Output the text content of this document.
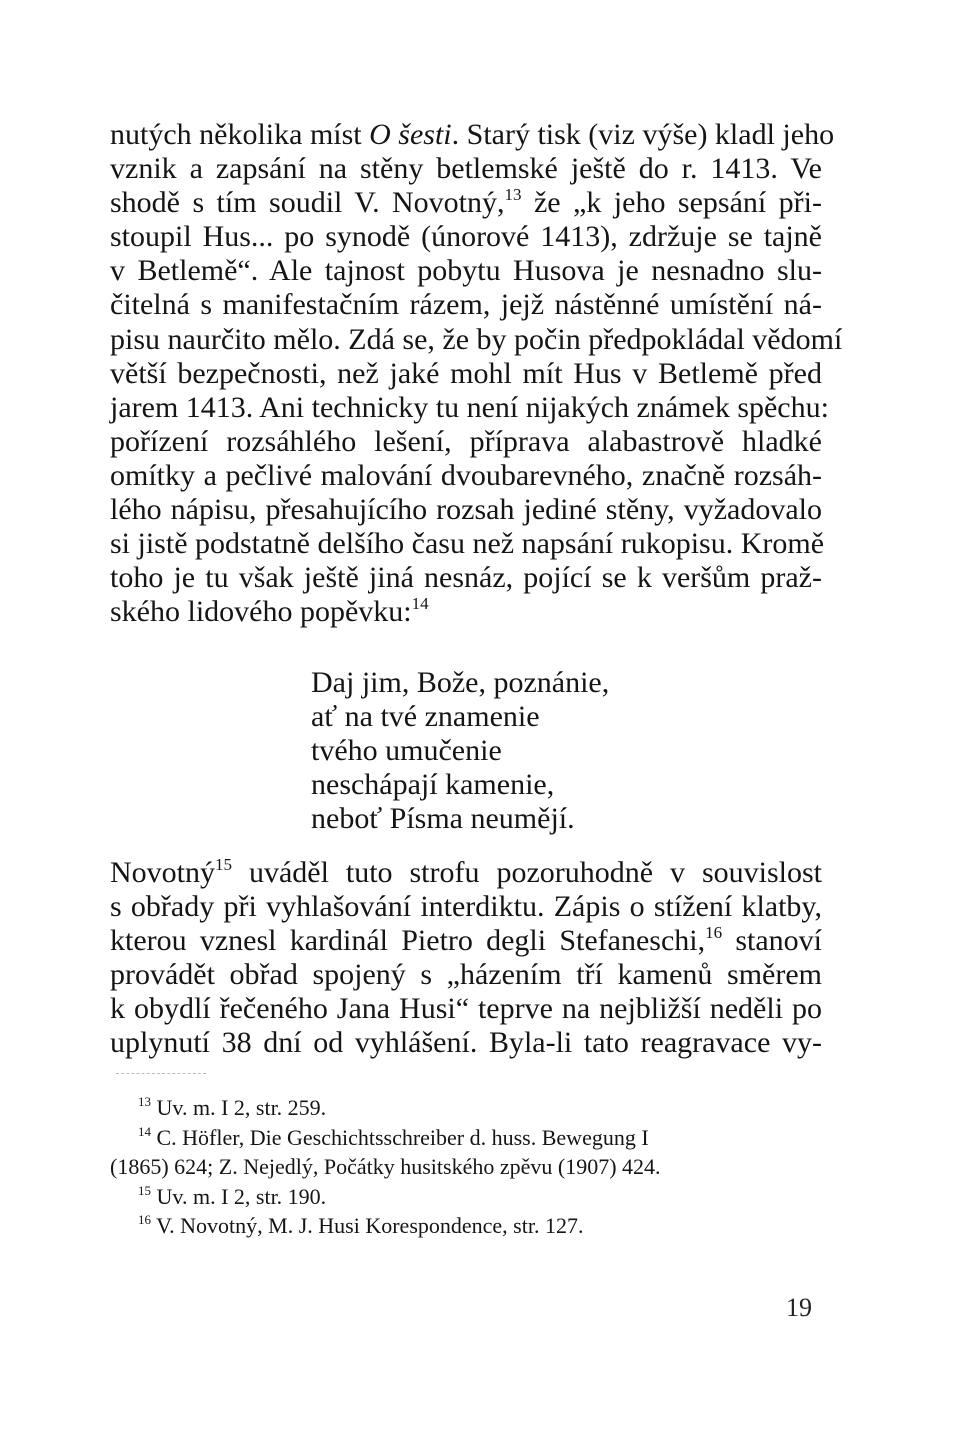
nutých několika míst O šesti. Starý tisk (viz výše) kladl jeho
vznik a zapsání na stěny betlemské ještě do r. 1413. Ve
shodě s tím soudil V. Novotný,$^{13}$ že „k jeho sepsání při-
stoupil Hus... po synodě (únorové 1413), zdržuje se tajně
v Betlemě“. Ale tajnost pobytu Husova je nesnadno slu-
čitelná s manifestačním rázem, jejž nástěnné umístění ná-
pisu naurčito mělo. Zdá se, že by počin předpokládal vědomí
větší bezpečnosti, než jaké mohl mít Hus v Betlemě před
jarem 1413. Ani technicky tu není nijakých známek spěchu:
pořízení rozsáhlého lešení, příprava alabastrově hladké
omítky a pečlivé malování dvoubarevného, značně rozsáh-
lého nápisu, přesahujícího rozsah jediné stěny, vyžadovalo
si jistě podstatně delšího času než napsání rukopisu. Kromě
toho je tu však ještě jiná nesnáz, pojící se k veršům praž-
ského lidového popěvku:$^{14}$
Daj jim, Bože, poznánie,
ať na tvé znamenie
tvého umučenie
neschápají kamenie,
neboť Písma neumějí.
Novotný$^{15}$ uváděl tuto strofu pozoruhodně v souvislost
s obřady při vyhlašování interdiktu. Zápis o stížení klatby,
kterou vznesl kardinál Pietro degli Stefaneschi,$^{16}$ stanoví
provádět obřad spojený s „házením tří kamenů směrem
k obydlí řečeného Jana Husi“ teprve na nejbližší neděli po
uplynutí 38 dní od vyhlášení. Byla-li tato reagravace vy-
$^{13}$ Uv. m. I 2, str. 259.
$^{14}$ C. Höfler, Die Geschichtsschreiber d. huss. Bewegung I
(1865) 624; Z. Nejedlý, Počátky husitského zpěvu (1907) 424.
$^{15}$ Uv. m. I 2, str. 190.
$^{16}$ V. Novotný, M. J. Husi Korespondence, str. 127.
19
